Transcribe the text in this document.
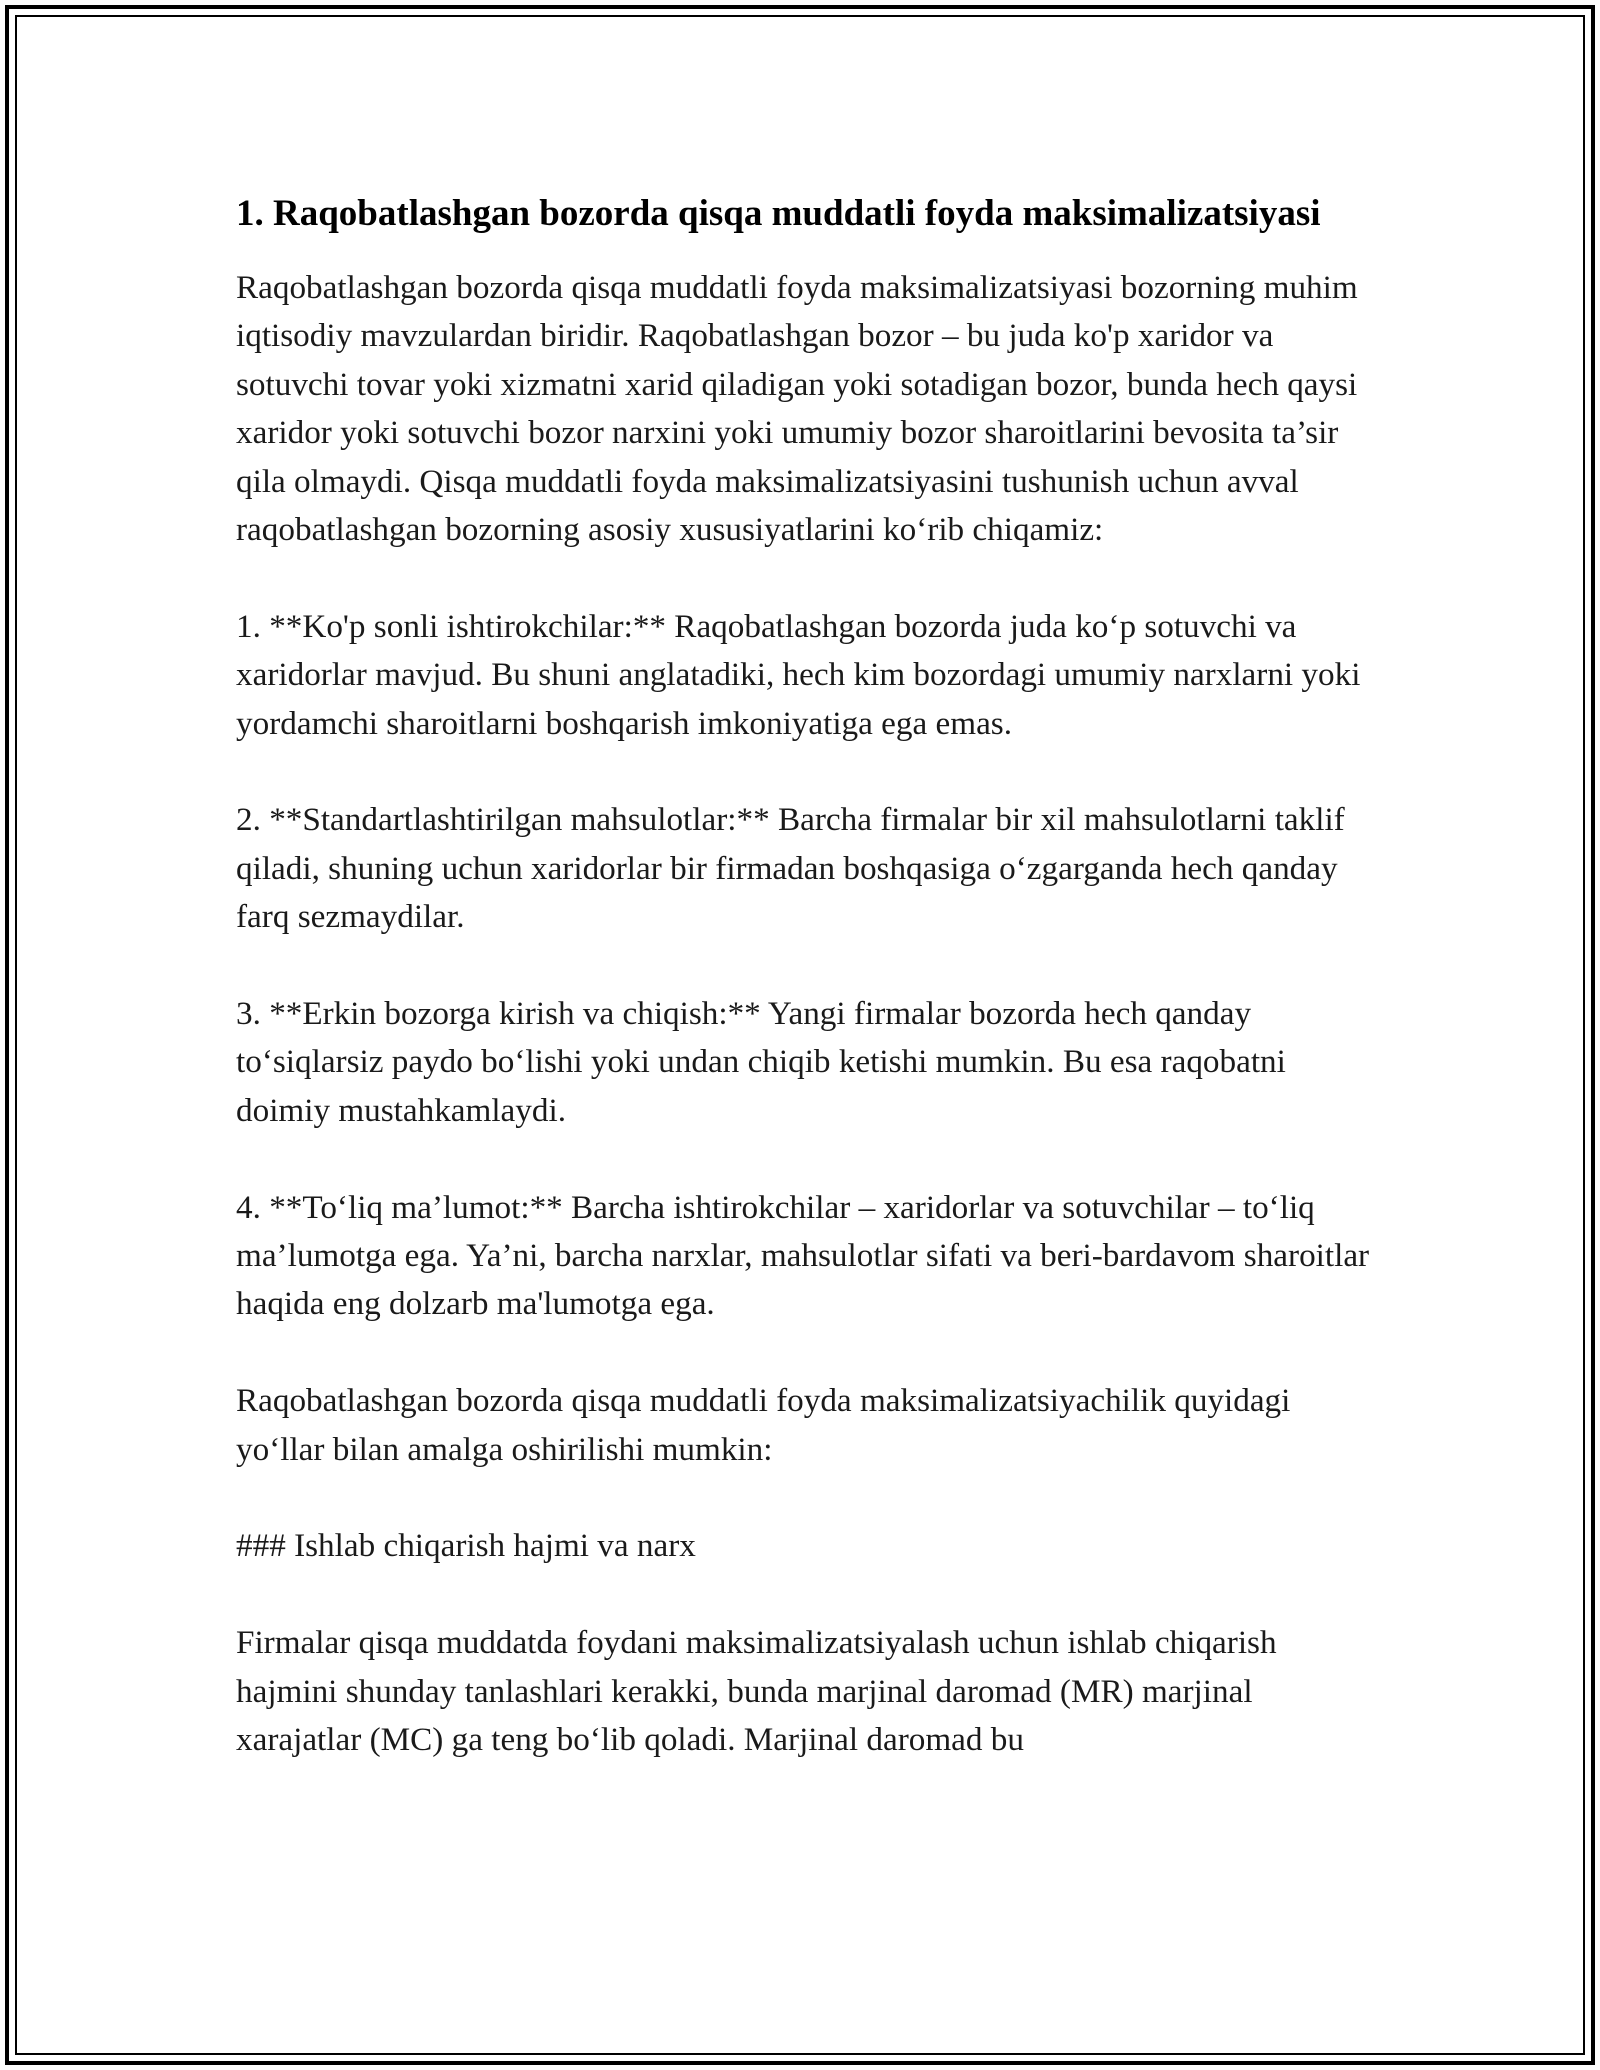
1. Raqobatlashgan bozorda qisqa muddatli foyda maksimalizatsiyasi

Raqobatlashgan bozorda qisqa muddatli foyda maksimalizatsiyasi bozorning muhim iqtisodiy mavzulardan biridir. Raqobatlashgan bozor – bu juda ko'p xaridor va sotuvchi tovar yoki xizmatni xarid qiladigan yoki sotadigan bozor, bunda hech qaysi xaridor yoki sotuvchi bozor narxini yoki umumiy bozor sharoitlarini bevosita ta’sir qila olmaydi. Qisqa muddatli foyda maksimalizatsiyasini tushunish uchun avval raqobatlashgan bozorning asosiy xususiyatlarini ko‘rib chiqamiz:

1. **Ko'p sonli ishtirokchilar:** Raqobatlashgan bozorda juda ko‘p sotuvchi va xaridorlar mavjud. Bu shuni anglatadiki, hech kim bozordagi umumiy narxlarni yoki yordamchi sharoitlarni boshqarish imkoniyatiga ega emas.

2. **Standartlashtirilgan mahsulotlar:** Barcha firmalar bir xil mahsulotlarni taklif qiladi, shuning uchun xaridorlar bir firmadan boshqasiga o‘zgarganda hech qanday farq sezmaydilar.

3. **Erkin bozorga kirish va chiqish:** Yangi firmalar bozorda hech qanday to‘siqlarsiz paydo bo‘lishi yoki undan chiqib ketishi mumkin. Bu esa raqobatni doimiy mustahkamlaydi.

4. **To‘liq ma’lumot:** Barcha ishtirokchilar – xaridorlar va sotuvchilar – to‘liq ma’lumotga ega. Ya’ni, barcha narxlar, mahsulotlar sifati va beri-bardavom sharoitlar haqida eng dolzarb ma'lumotga ega.

Raqobatlashgan bozorda qisqa muddatli foyda maksimalizatsiyachilik quyidagi yo‘llar bilan amalga oshirilishi mumkin:

### Ishlab chiqarish hajmi va narx

Firmalar qisqa muddatda foydani maksimalizatsiyalash uchun ishlab chiqarish hajmini shunday tanlashlari kerakki, bunda marjinal daromad (MR) marjinal xarajatlar (MC) ga teng bo‘lib qoladi. Marjinal daromad bu
